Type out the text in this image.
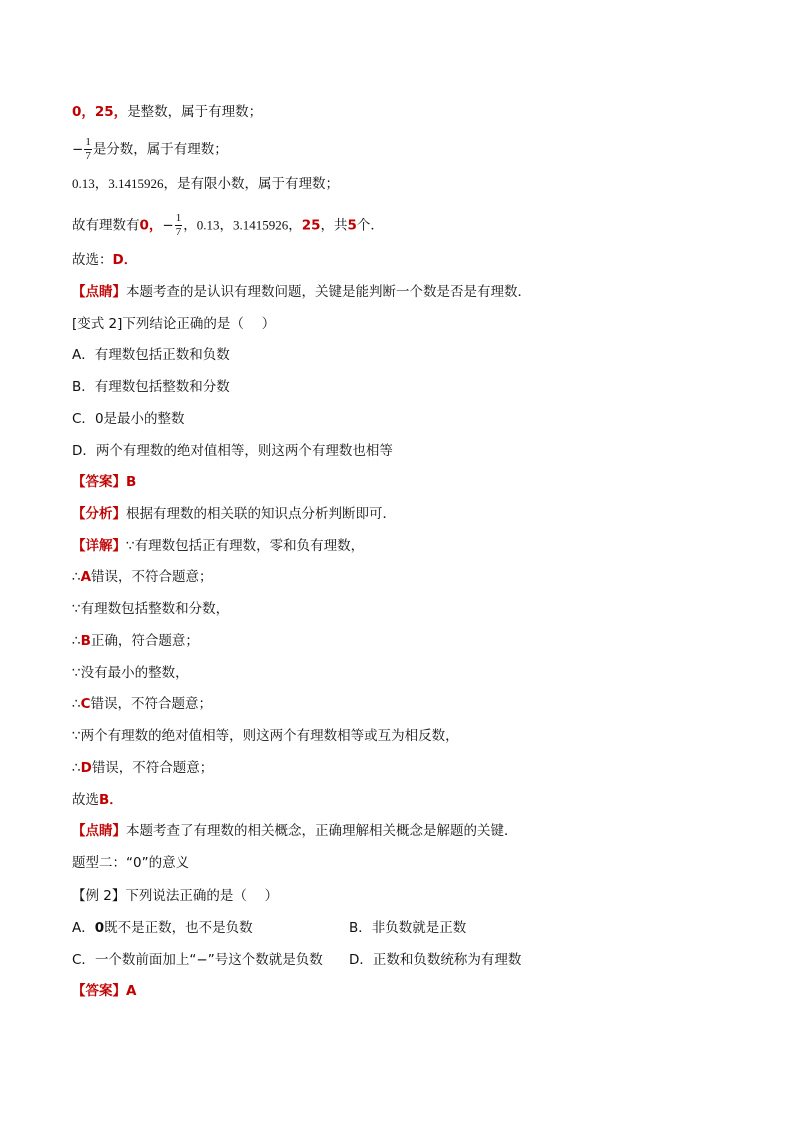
0，25，是整数，属于有理数；
− $\frac{1}{7}$ 是分数，属于有理数；
0.13，3.1415926，是有限小数，属于有理数；
故有理数有0，− $\frac{1}{7}$ ，0.13，3.1415926，25，共5个．
故选：D．
【点睛】本题考查的是认识有理数问题，关键是能判断一个数是否是有理数．
[变式 2]下列结论正确的是（　 ）
A．有理数包括正数和负数
B．有理数包括整数和分数
C．0是最小的整数
D．两个有理数的绝对值相等，则这两个有理数也相等
【答案】B
【分析】根据有理数的相关联的知识点分析判断即可．
【详解】∵有理数包括正有理数，零和负有理数，
∴A错误，不符合题意；
∵有理数包括整数和分数，
∴B正确，符合题意；
∵没有最小的整数，
∴C错误，不符合题意；
∵两个有理数的绝对值相等，则这两个有理数相等或互为相反数，
∴D错误，不符合题意；
故选B．
【点睛】本题考查了有理数的相关概念，正确理解相关概念是解题的关键．
题型二：“0”的意义
【例 2】下列说法正确的是（　 ）
A．0既不是正数，也不是负数	B．非负数就是正数
C．一个数前面加上“−”号这个数就是负数 D．正数和负数统称为有理数
【答案】A
